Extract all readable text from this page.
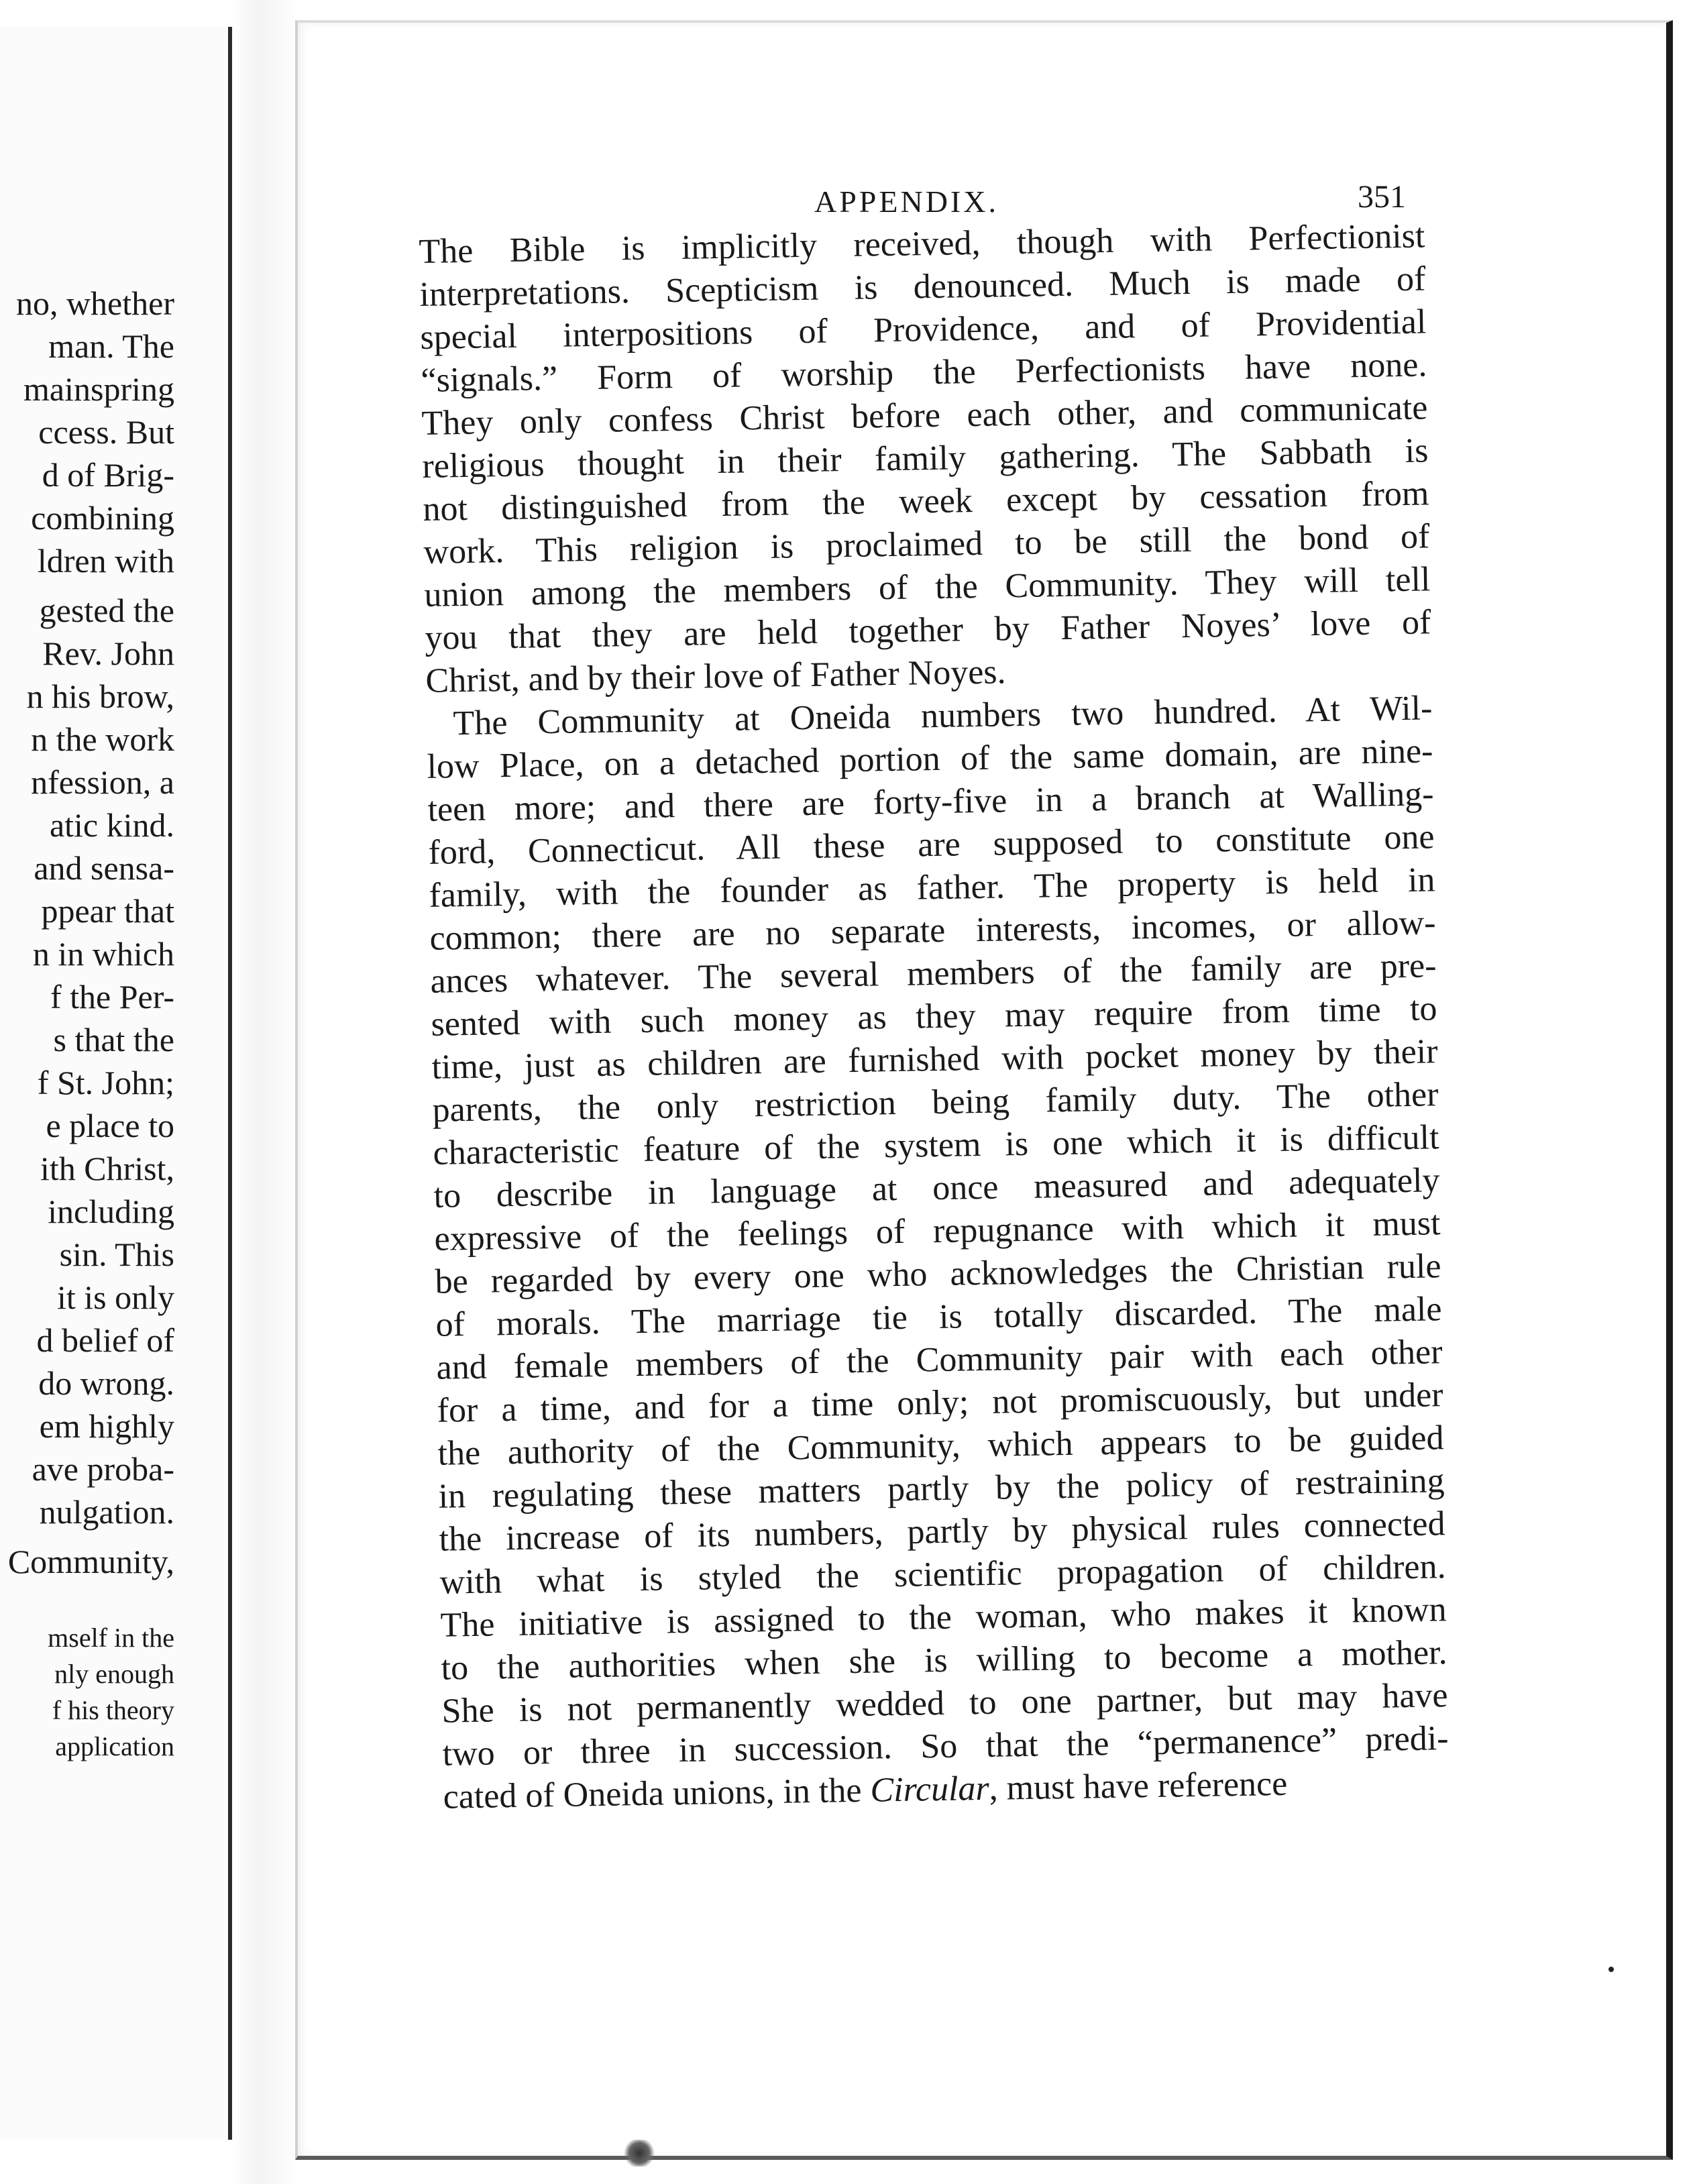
no, whether
man. The
mainspring
ccess. But
d of Brig-
combining
ldren with
gested the
Rev. John
n his brow,
n the work
nfession, a
atic kind.
and sensa-
ppear that
n in which
f the Per-
s that the
f St. John;
e place to
ith Christ,
including
sin. This
it is only
d belief of
do wrong.
em highly
ave proba-
nulgation.
Community,
mself in the
nly enough
f his theory
application
APPENDIX.	351
The Bible is implicitly received, though with Perfectionist
interpretations. Scepticism is denounced. Much is made of
special interpositions of Providence, and of Providential
“signals.” Form of worship the Perfectionists have none.
They only confess Christ before each other, and communicate
religious thought in their family gathering. The Sabbath is
not distinguished from the week except by cessation from
work. This religion is proclaimed to be still the bond of
union among the members of the Community. They will tell
you that they are held together by Father Noyes’ love of
Christ, and by their love of Father Noyes.
The Community at Oneida numbers two hundred. At Wil-
low Place, on a detached portion of the same domain, are nine-
teen more; and there are forty-five in a branch at Walling-
ford, Connecticut. All these are supposed to constitute one
family, with the founder as father. The property is held in
common; there are no separate interests, incomes, or allow-
ances whatever. The several members of the family are pre-
sented with such money as they may require from time to
time, just as children are furnished with pocket money by their
parents, the only restriction being family duty. The other
characteristic feature of the system is one which it is difficult
to describe in language at once measured and adequately
expressive of the feelings of repugnance with which it must
be regarded by every one who acknowledges the Christian rule
of morals. The marriage tie is totally discarded. The male
and female members of the Community pair with each other
for a time, and for a time only; not promiscuously, but under
the authority of the Community, which appears to be guided
in regulating these matters partly by the policy of restraining
the increase of its numbers, partly by physical rules connected
with what is styled the scientific propagation of children.
The initiative is assigned to the woman, who makes it known
to the authorities when she is willing to become a mother.
She is not permanently wedded to one partner, but may have
two or three in succession. So that the “permanence” predi-
cated of Oneida unions, in the Circular, must have reference
